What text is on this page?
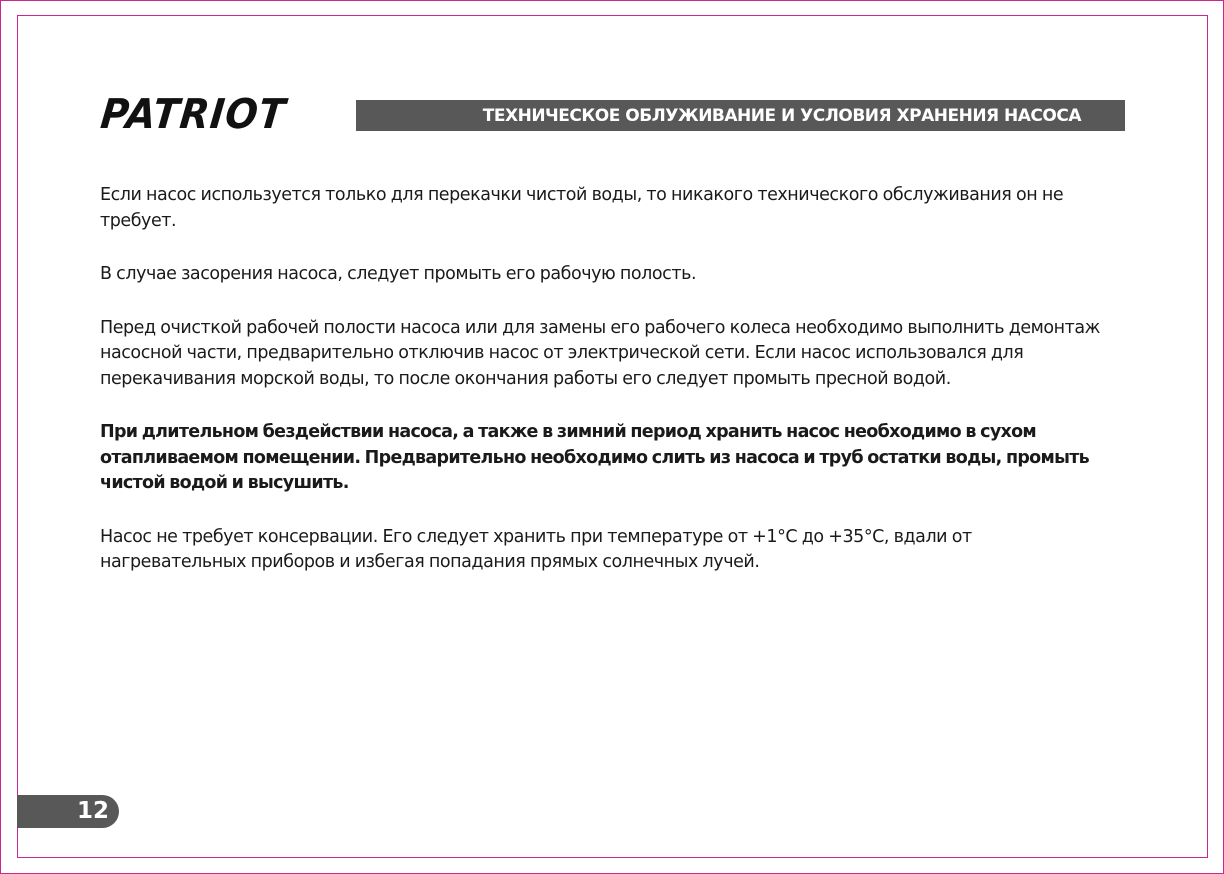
PATRIOT	ТЕХНИЧЕСКОЕ ОБЛУЖИВАНИЕ И УСЛОВИЯ ХРАНЕНИЯ НАСОСА

Если насос используется только для перекачки чистой воды, то никакого технического обслуживания он не требует.

В случае засорения насоса, следует промыть его рабочую полость.

Перед очисткой рабочей полости насоса или для замены его рабочего колеса необходимо выполнить демонтаж насосной части, предварительно отключив насос от электрической сети. Если насос использовался для перекачивания морской воды, то после окончания работы его следует промыть пресной водой.

При длительном бездействии насоса, а также в зимний период хранить насос необходимо в сухом отапливаемом помещении. Предварительно необходимо слить из насоса и труб остатки воды, промыть чистой водой и высушить.

Насос не требует консервации. Его следует хранить при температуре от +1°С до +35°С, вдали от нагревательных приборов и избегая попадания прямых солнечных лучей.

12
